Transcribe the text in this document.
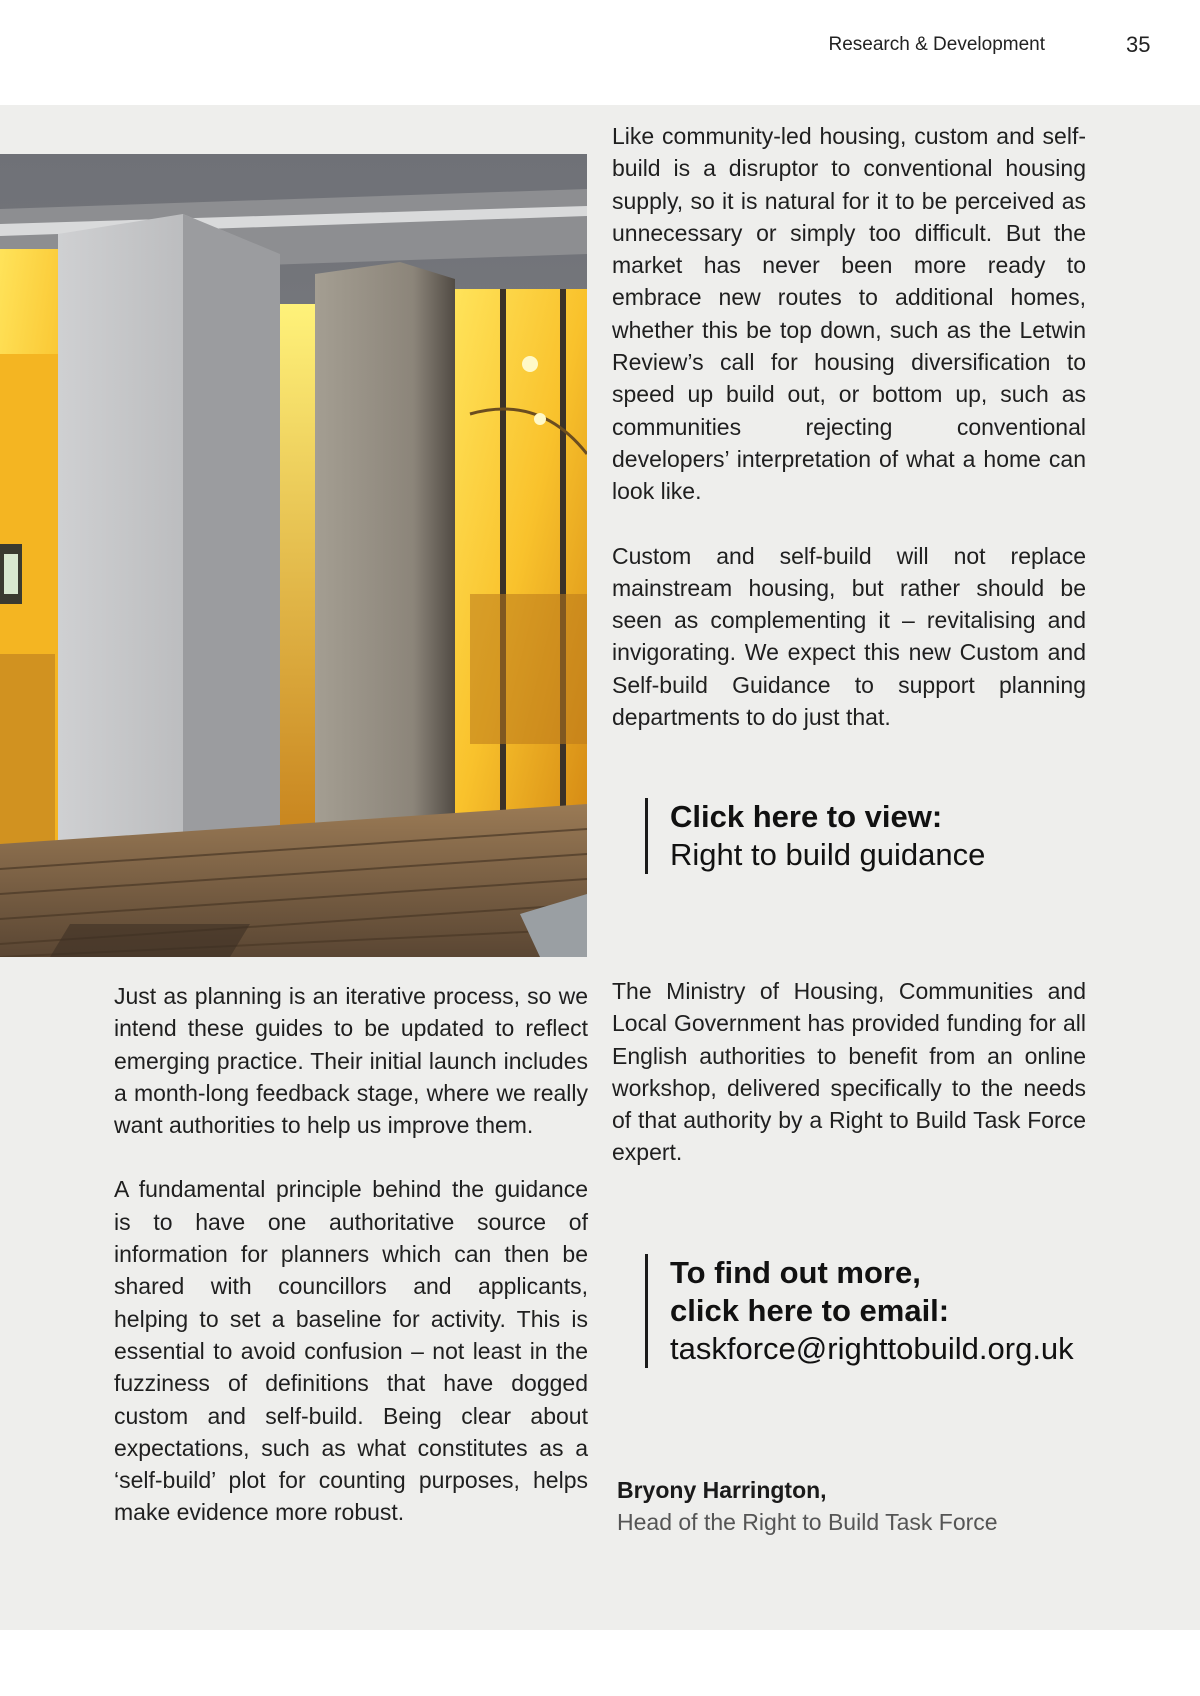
Research & Development	35

Like community-led housing, custom and self-build is a disruptor to conventional housing supply, so it is natural for it to be perceived as unnecessary or simply too difficult. But the market has never been more ready to embrace new routes to additional homes, whether this be top down, such as the Letwin Review’s call for housing diversification to speed up build out, or bottom up, such as communities rejecting conventional developers’ interpretation of what a home can look like.

Custom and self-build will not replace mainstream housing, but rather should be seen as complementing it – revitalising and invigorating. We expect this new Custom and Self-build Guidance to support planning departments to do just that.

Click here to view:
Right to build guidance

The Ministry of Housing, Communities and Local Government has provided funding for all English authorities to benefit from an online workshop, delivered specifically to the needs of that authority by a Right to Build Task Force expert.

To find out more,
click here to email:
taskforce@righttobuild.org.uk

Just as planning is an iterative process, so we intend these guides to be updated to reflect emerging practice. Their initial launch includes a month-long feedback stage, where we really want authorities to help us improve them.

A fundamental principle behind the guidance is to have one authoritative source of information for planners which can then be shared with councillors and applicants, helping to set a baseline for activity. This is essential to avoid confusion – not least in the fuzziness of definitions that have dogged custom and self-build. Being clear about expectations, such as what constitutes as a ‘self-build’ plot for counting purposes, helps make evidence more robust.

Bryony Harrington,
Head of the Right to Build Task Force
